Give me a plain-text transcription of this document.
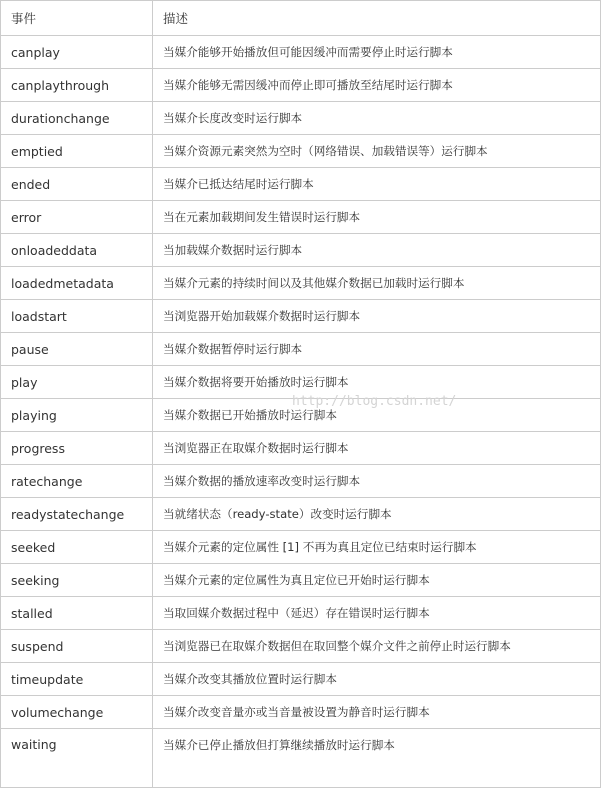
事件	描述
canplay	当媒介能够开始播放但可能因缓冲而需要停止时运行脚本
canplaythrough	当媒介能够无需因缓冲而停止即可播放至结尾时运行脚本
durationchange	当媒介长度改变时运行脚本
emptied	当媒介资源元素突然为空时（网络错误、加载错误等）运行脚本
ended	当媒介已抵达结尾时运行脚本
error	当在元素加载期间发生错误时运行脚本
onloadeddata	当加载媒介数据时运行脚本
loadedmetadata	当媒介元素的持续时间以及其他媒介数据已加载时运行脚本
loadstart	当浏览器开始加载媒介数据时运行脚本
pause	当媒介数据暂停时运行脚本
play	当媒介数据将要开始播放时运行脚本
playing	当媒介数据已开始播放时运行脚本
progress	当浏览器正在取媒介数据时运行脚本
ratechange	当媒介数据的播放速率改变时运行脚本
readystatechange	当就绪状态（ready-state）改变时运行脚本
seeked	当媒介元素的定位属性 [1] 不再为真且定位已结束时运行脚本
seeking	当媒介元素的定位属性为真且定位已开始时运行脚本
stalled	当取回媒介数据过程中（延迟）存在错误时运行脚本
suspend	当浏览器已在取媒介数据但在取回整个媒介文件之前停止时运行脚本
timeupdate	当媒介改变其播放位置时运行脚本
volumechange	当媒介改变音量亦或当音量被设置为静音时运行脚本
waiting	当媒介已停止播放但打算继续播放时运行脚本
http://blog.csdn.net/
